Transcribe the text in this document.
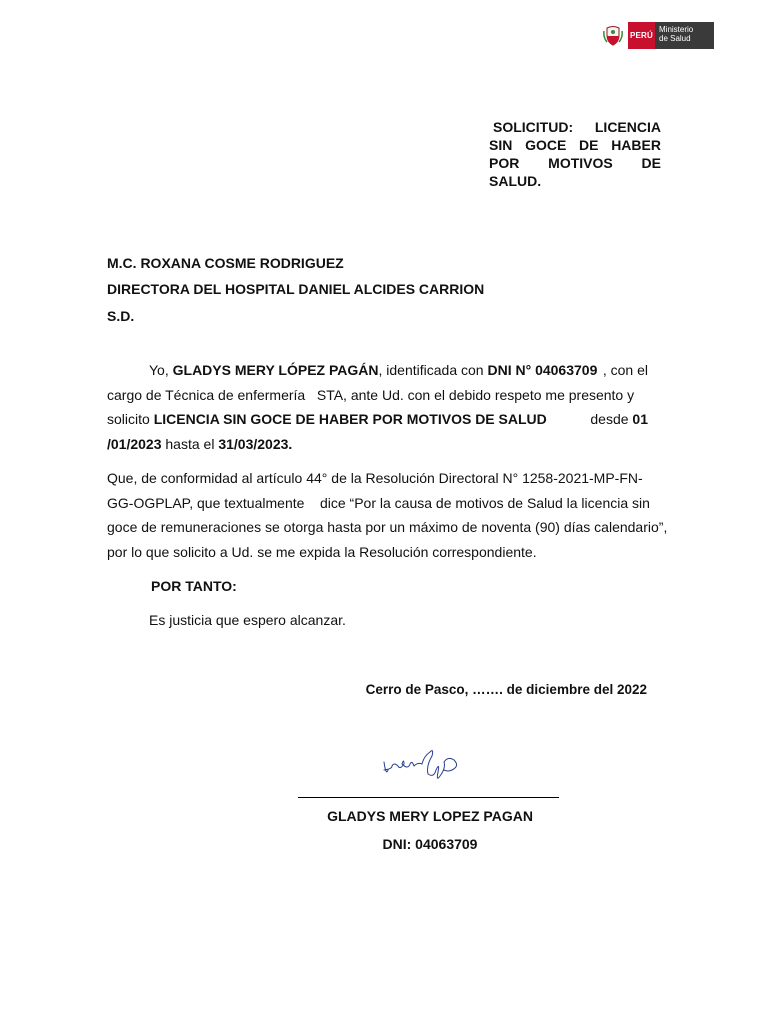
PERÚ
Ministerio
de Salud
SOLICITUD: LICENCIA
SIN GOCE DE HABER
POR MOTIVOS DE
SALUD.
M.C. ROXANA COSME RODRIGUEZ
DIRECTORA DEL HOSPITAL DANIEL ALCIDES CARRION
S.D.
Yo, GLADYS MERY LÓPEZ PAGÁN, identificada con DNI N° 04063709 , con el
cargo de Técnica de enfermería   STA, ante Ud. con el debido respeto me presento y
solicito LICENCIA SIN GOCE DE HABER POR MOTIVOS DE SALUD	desde 01
/01/2023 hasta el 31/03/2023.
Que, de conformidad al artículo 44° de la Resolución Directoral N° 1258-2021-MP-FN-
GG-OGPLAP, que textualmente    dice “Por la causa de motivos de Salud la licencia sin
goce de remuneraciones se otorga hasta por un máximo de noventa (90) días calendario”,
por lo que solicito a Ud. se me expida la Resolución correspondiente.
POR TANTO:
Es justicia que espero alcanzar.
Cerro de Pasco, ……. de diciembre del 2022
GLADYS MERY LOPEZ PAGAN
DNI: 04063709
